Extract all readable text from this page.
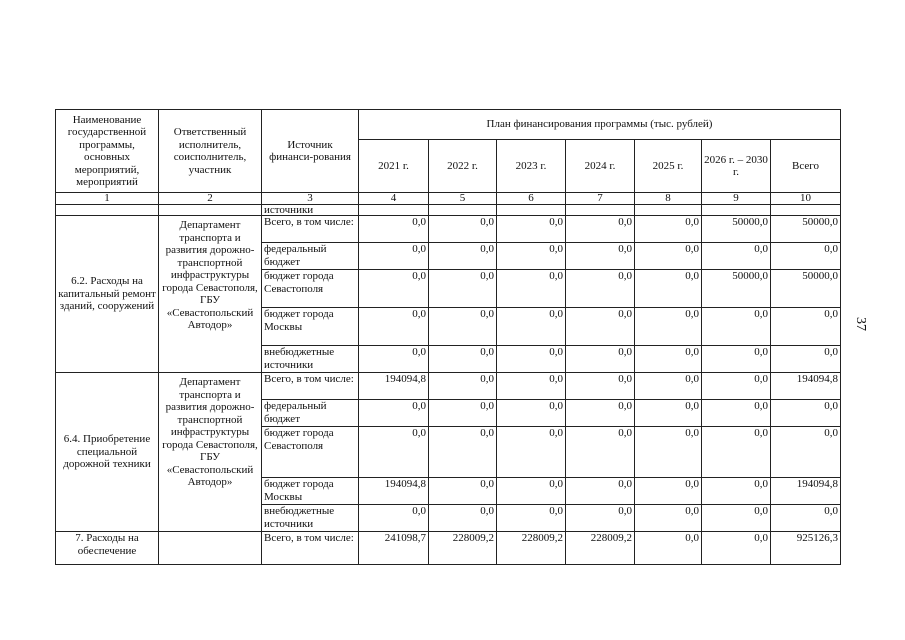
37
Наименование государственной программы, основных мероприятий, мероприятий	Ответственный исполнитель, соисполнитель, участник	Источник финанси-рования	План финансирования программы (тыс. рублей)						
			2021 г.	2022 г.	2023 г.	2024 г.	2025 г.	2026 г. – 2030 г.	Всего
1	2	3	4	5	6	7	8	9	10
		источники							
6.2. Расходы на капитальный ремонт зданий, сооружений	Департамент транспорта и развития дорожно-транспортной инфраструктуры города Севастополя, ГБУ «Севастопольский Автодор»	Всего, в том числе:	0,0	0,0	0,0	0,0	0,0	50000,0	50000,0
		федеральный бюджет	0,0	0,0	0,0	0,0	0,0	0,0	0,0
		бюджет города Севастополя	0,0	0,0	0,0	0,0	0,0	50000,0	50000,0
		бюджет города Москвы	0,0	0,0	0,0	0,0	0,0	0,0	0,0
		внебюджетные источники	0,0	0,0	0,0	0,0	0,0	0,0	0,0
6.4. Приобретение специальной дорожной техники	Департамент транспорта и развития дорожно-транспортной инфраструктуры города Севастополя, ГБУ «Севастопольский Автодор»	Всего, в том числе:	194094,8	0,0	0,0	0,0	0,0	0,0	194094,8
		федеральный бюджет	0,0	0,0	0,0	0,0	0,0	0,0	0,0
		бюджет города Севастополя	0,0	0,0	0,0	0,0	0,0	0,0	0,0
		бюджет города Москвы	194094,8	0,0	0,0	0,0	0,0	0,0	194094,8
		внебюджетные источники	0,0	0,0	0,0	0,0	0,0	0,0	0,0
7. Расходы на обеспечение		Всего, в том числе:	241098,7	228009,2	228009,2	228009,2	0,0	0,0	925126,3
